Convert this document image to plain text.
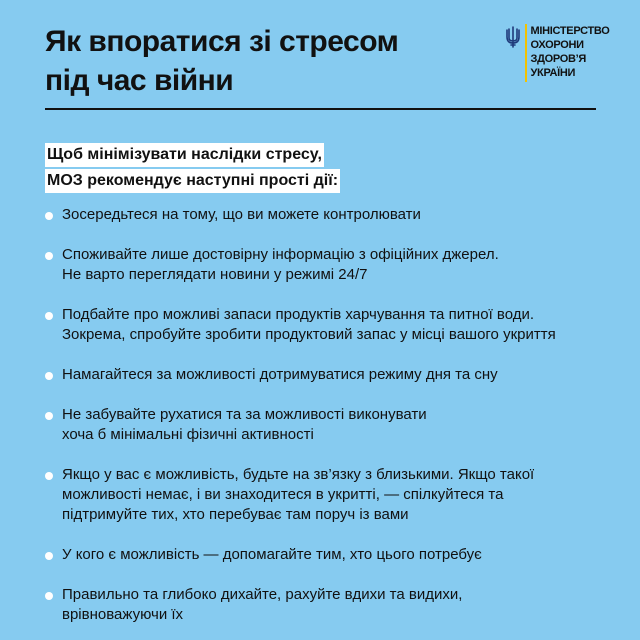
Як впоратися зі стресом
під час війни
МІНІСТЕРСТВО
ОХОРОНИ
ЗДОРОВ’Я
УКРАЇНИ
Щоб мінімізувати наслідки стресу,
МОЗ рекомендує наступні прості дії:
Зосередьтеся на тому, що ви можете контролювати
Споживайте лише достовірну інформацію з офіційних джерел.
Не варто переглядати новини у режимі 24/7
Подбайте про можливі запаси продуктів харчування та питної води.
Зокрема, спробуйте зробити продуктовий запас у місці вашого укриття
Намагайтеся за можливості дотримуватися режиму дня та сну
Не забувайте рухатися та за можливості виконувати
хоча б мінімальні фізичні активності
Якщо у вас є можливість, будьте на зв’язку з близькими. Якщо такої
можливості немає, і ви знаходитеся в укритті, — спілкуйтеся та
підтримуйте тих, хто перебуває там поруч із вами
У кого є можливість — допомагайте тим, хто цього потребує
Правильно та глибоко дихайте, рахуйте вдихи та видихи,
врівноважуючи їх
